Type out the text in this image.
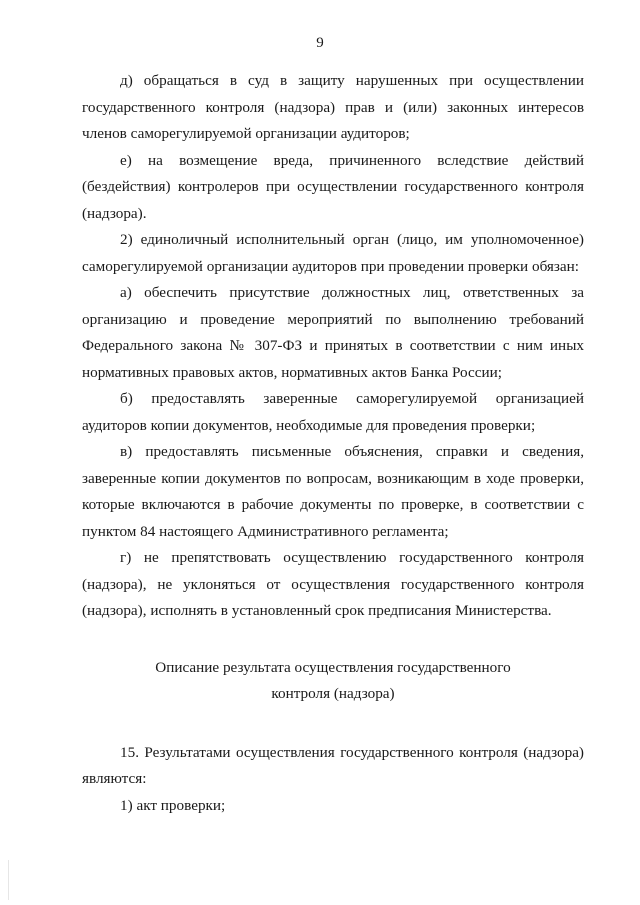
9

д) обращаться в суд в защиту нарушенных при осуществлении государственного контроля (надзора) прав и (или) законных интересов членов саморегулируемой организации аудиторов;

е) на возмещение вреда, причиненного вследствие действий (бездействия) контролеров при осуществлении государственного контроля (надзора).

2) единоличный исполнительный орган (лицо, им уполномоченное) саморегулируемой организации аудиторов при проведении проверки обязан:

а) обеспечить присутствие должностных лиц, ответственных за организацию и проведение мероприятий по выполнению требований Федерального закона № 307-ФЗ и принятых в соответствии с ним иных нормативных правовых актов, нормативных актов Банка России;

б) предоставлять заверенные саморегулируемой организацией аудиторов копии документов, необходимые для проведения проверки;

в) предоставлять письменные объяснения, справки и сведения, заверенные копии документов по вопросам, возникающим в ходе проверки, которые включаются в рабочие документы по проверке, в соответствии с пунктом 84 настоящего Административного регламента;

г) не препятствовать осуществлению государственного контроля (надзора), не уклоняться от осуществления государственного контроля (надзора), исполнять в установленный срок предписания Министерства.

Описание результата осуществления государственного
контроля (надзора)

15. Результатами осуществления государственного контроля (надзора) являются:

1) акт проверки;
